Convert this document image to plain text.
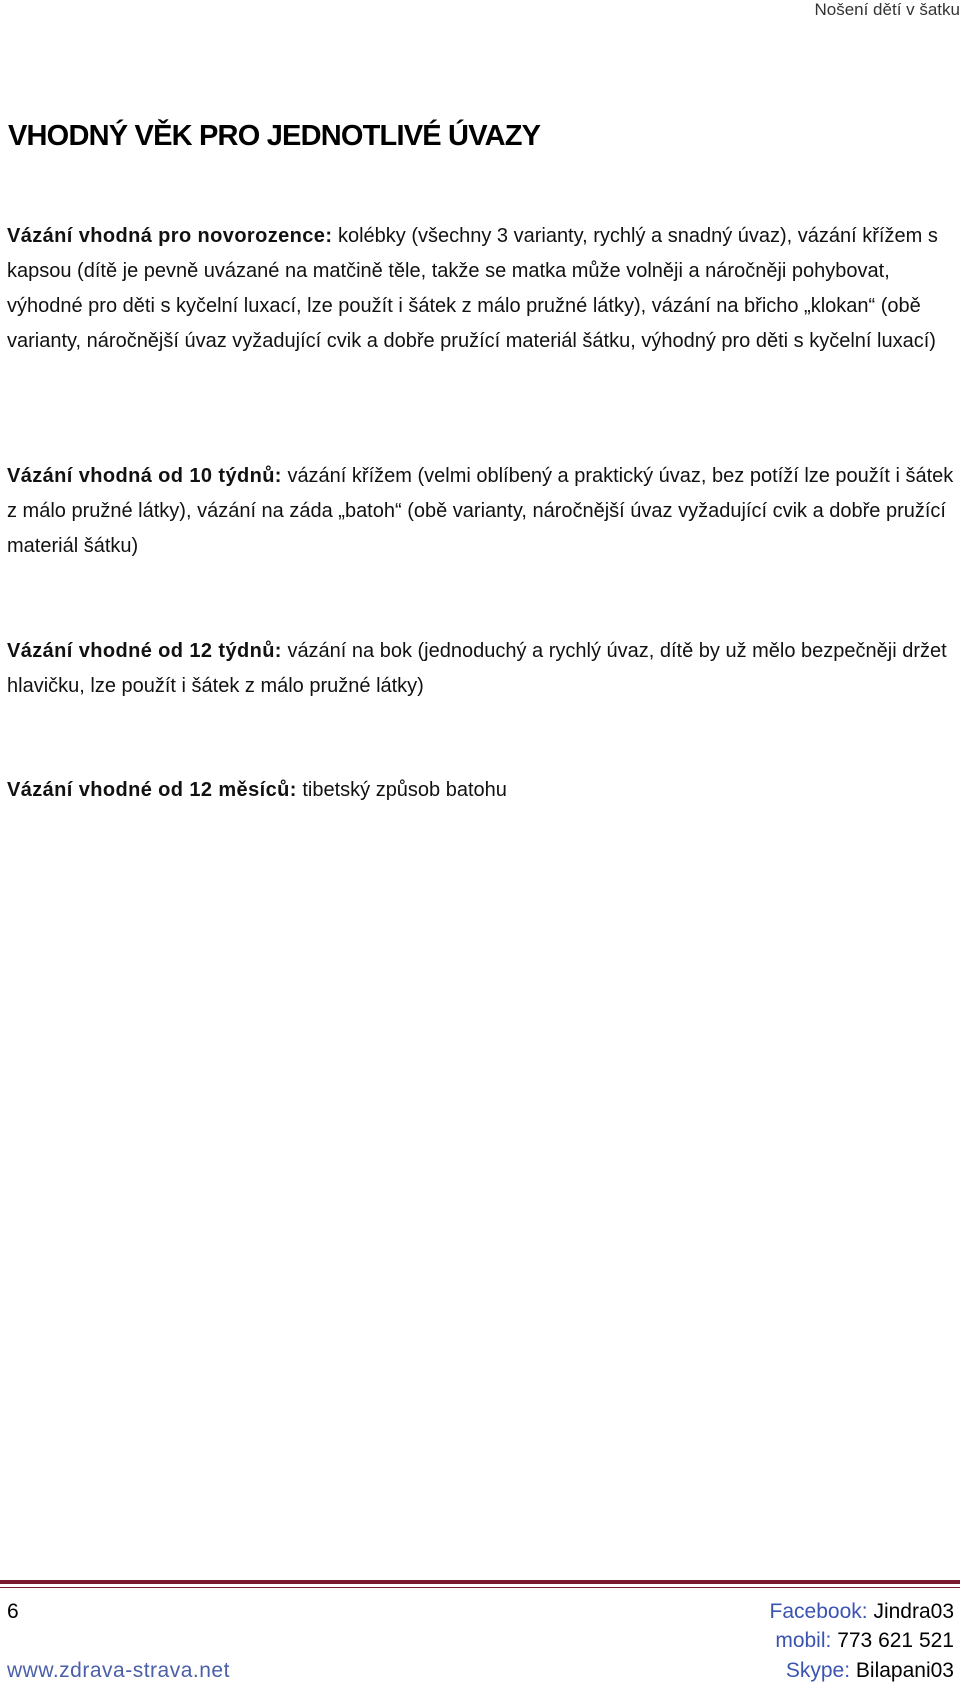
Nošení dětí v šatku
VHODNÝ VĚK PRO JEDNOTLIVÉ ÚVAZY

Vázání vhodná pro novorozence: kolébky (všechny 3 varianty, rychlý a snadný úvaz), vázání křížem s kapsou (dítě je pevně uvázané na matčině těle, takže se matka může volněji a náročněji pohybovat, výhodné pro děti s kyčelní luxací, lze použít i šátek z málo pružné látky), vázání na břicho „klokan“ (obě varianty, náročnější úvaz vyžadující cvik a dobře pružící materiál šátku, výhodný pro děti s kyčelní luxací)

Vázání vhodná od 10 týdnů: vázání křížem (velmi oblíbený a praktický úvaz, bez potíží lze použít i šátek z málo pružné látky), vázání na záda „batoh“ (obě varianty, náročnější úvaz vyžadující cvik a dobře pružící materiál šátku)

Vázání vhodné od 12 týdnů: vázání na bok (jednoduchý a rychlý úvaz, dítě by už mělo bezpečněji držet hlavičku, lze použít i šátek z málo pružné látky)

Vázání vhodné od 12 měsíců: tibetský způsob batohu

6
www.zdrava-strava.net
Facebook: Jindra03
mobil: 773 621 521
Skype: Bilapani03
